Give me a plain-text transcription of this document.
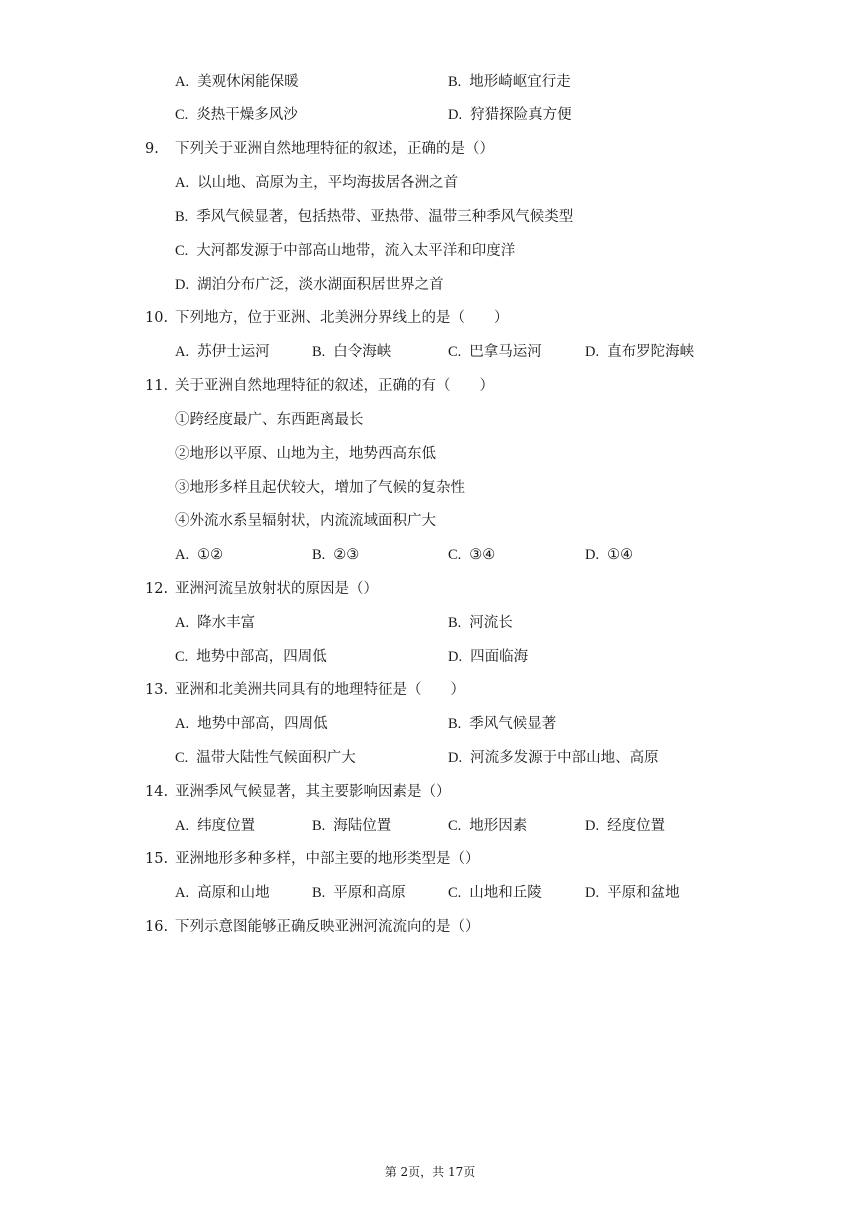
A. 美观休闲能保暖	B. 地形崎岖宜行走
C. 炎热干燥多风沙	D. 狩猎探险真方便
9. 下列关于亚洲自然地理特征的叙述，正确的是（）
A. 以山地、高原为主，平均海拔居各洲之首
B. 季风气候显著，包括热带、亚热带、温带三种季风气候类型
C. 大河都发源于中部高山地带，流入太平洋和印度洋
D. 湖泊分布广泛，淡水湖面积居世界之首
10. 下列地方，位于亚洲、北美洲分界线上的是（　　）
A. 苏伊士运河	B. 白令海峡	C. 巴拿马运河	D. 直布罗陀海峡
11. 关于亚洲自然地理特征的叙述，正确的有（　　）
①跨经度最广、东西距离最长
②地形以平原、山地为主，地势西高东低
③地形多样且起伏较大，增加了气候的复杂性
④外流水系呈辐射状，内流流域面积广大
A. ①②	B. ②③	C. ③④	D. ①④
12. 亚洲河流呈放射状的原因是（）
A. 降水丰富	B. 河流长
C. 地势中部高，四周低	D. 四面临海
13. 亚洲和北美洲共同具有的地理特征是（　　）
A. 地势中部高，四周低	B. 季风气候显著
C. 温带大陆性气候面积广大	D. 河流多发源于中部山地、高原
14. 亚洲季风气候显著，其主要影响因素是（）
A. 纬度位置	B. 海陆位置	C. 地形因素	D. 经度位置
15. 亚洲地形多种多样，中部主要的地形类型是（）
A. 高原和山地	B. 平原和高原	C. 山地和丘陵	D. 平原和盆地
16. 下列示意图能够正确反映亚洲河流流向的是（）
第 2页，共 17页
